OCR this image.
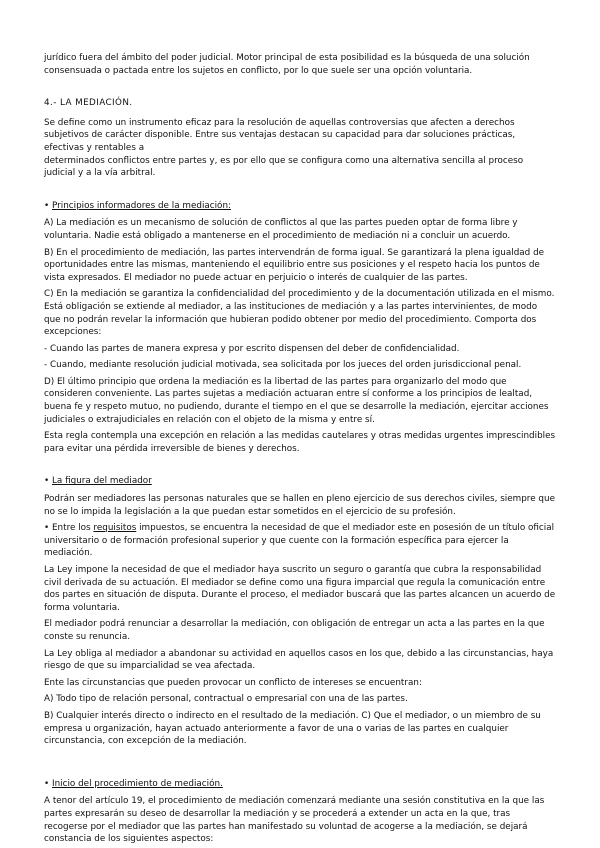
jurídico fuera del ámbito del poder judicial. Motor principal de esta posibilidad es la búsqueda de una solución consensuada o pactada entre los sujetos en conflicto, por lo que suele ser una opción voluntaria.

4.- LA MEDIACIÓN.

Se define como un instrumento eficaz para la resolución de aquellas controversias que afecten a derechos subjetivos de carácter disponible. Entre sus ventajas destacan su capacidad para dar soluciones prácticas, efectivas y rentables a

determinados conflictos entre partes y, es por ello que se configura como una alternativa sencilla al proceso judicial y a la vía arbitral.

• Principios informadores de la mediación:

A) La mediación es un mecanismo de solución de conflictos al que las partes pueden optar de forma libre y voluntaria. Nadie está obligado a mantenerse en el procedimiento de mediación ni a concluir un acuerdo.

B) En el procedimiento de mediación, las partes intervendrán de forma igual. Se garantizará la plena igualdad de oportunidades entre las mismas, manteniendo el equilibrio entre sus posiciones y el respeto hacia los puntos de vista expresados. El mediador no puede actuar en perjuicio o interés de cualquier de las partes.

C) En la mediación se garantiza la confidencialidad del procedimiento y de la documentación utilizada en el mismo. Está obligación se extiende al mediador, a las instituciones de mediación y a las partes intervinientes, de modo que no podrán revelar la información que hubieran podido obtener por medio del procedimiento. Comporta dos excepciones:

- Cuando las partes de manera expresa y por escrito dispensen del deber de confidencialidad.

- Cuando, mediante resolución judicial motivada, sea solicitada por los jueces del orden jurisdiccional penal.

D) El último principio que ordena la mediación es la libertad de las partes para organizarlo del modo que consideren conveniente. Las partes sujetas a mediación actuaran entre sí conforme a los principios de lealtad, buena fe y respeto mutuo, no pudiendo, durante el tiempo en el que se desarrolle la mediación, ejercitar acciones judiciales o extrajudiciales en relación con el objeto de la misma y entre sí.

Esta regla contempla una excepción en relación a las medidas cautelares y otras medidas urgentes imprescindibles para evitar una pérdida irreversible de bienes y derechos.

• La figura del mediador

Podrán ser mediadores las personas naturales que se hallen en pleno ejercicio de sus derechos civiles, siempre que no se lo impida la legislación a la que puedan estar sometidos en el ejercicio de su profesión.

• Entre los requisitos impuestos, se encuentra la necesidad de que el mediador este en posesión de un título oficial universitario o de formación profesional superior y que cuente con la formación específica para ejercer la mediación.

La Ley impone la necesidad de que el mediador haya suscrito un seguro o garantía que cubra la responsabilidad civil derivada de su actuación. El mediador se define como una figura imparcial que regula la comunicación entre dos partes en situación de disputa. Durante el proceso, el mediador buscará que las partes alcancen un acuerdo de forma voluntaria.

El mediador podrá renunciar a desarrollar la mediación, con obligación de entregar un acta a las partes en la que conste su renuncia.

La Ley obliga al mediador a abandonar su actividad en aquellos casos en los que, debido a las circunstancias, haya riesgo de que su imparcialidad se vea afectada.

Ente las circunstancias que pueden provocar un conflicto de intereses se encuentran:

A) Todo tipo de relación personal, contractual o empresarial con una de las partes.

B) Cualquier interés directo o indirecto en el resultado de la mediación. C) Que el mediador, o un miembro de su empresa u organización, hayan actuado anteriormente a favor de una o varias de las partes en cualquier circunstancia, con excepción de la mediación.

• Inicio del procedimiento de mediación.

A tenor del artículo 19, el procedimiento de mediación comenzará mediante una sesión constitutiva en la que las partes expresarán su deseo de desarrollar la mediación y se procederá a extender un acta en la que, tras recogerse por el mediador que las partes han manifestado su voluntad de acogerse a la mediación, se dejará constancia de los siguientes aspectos:
